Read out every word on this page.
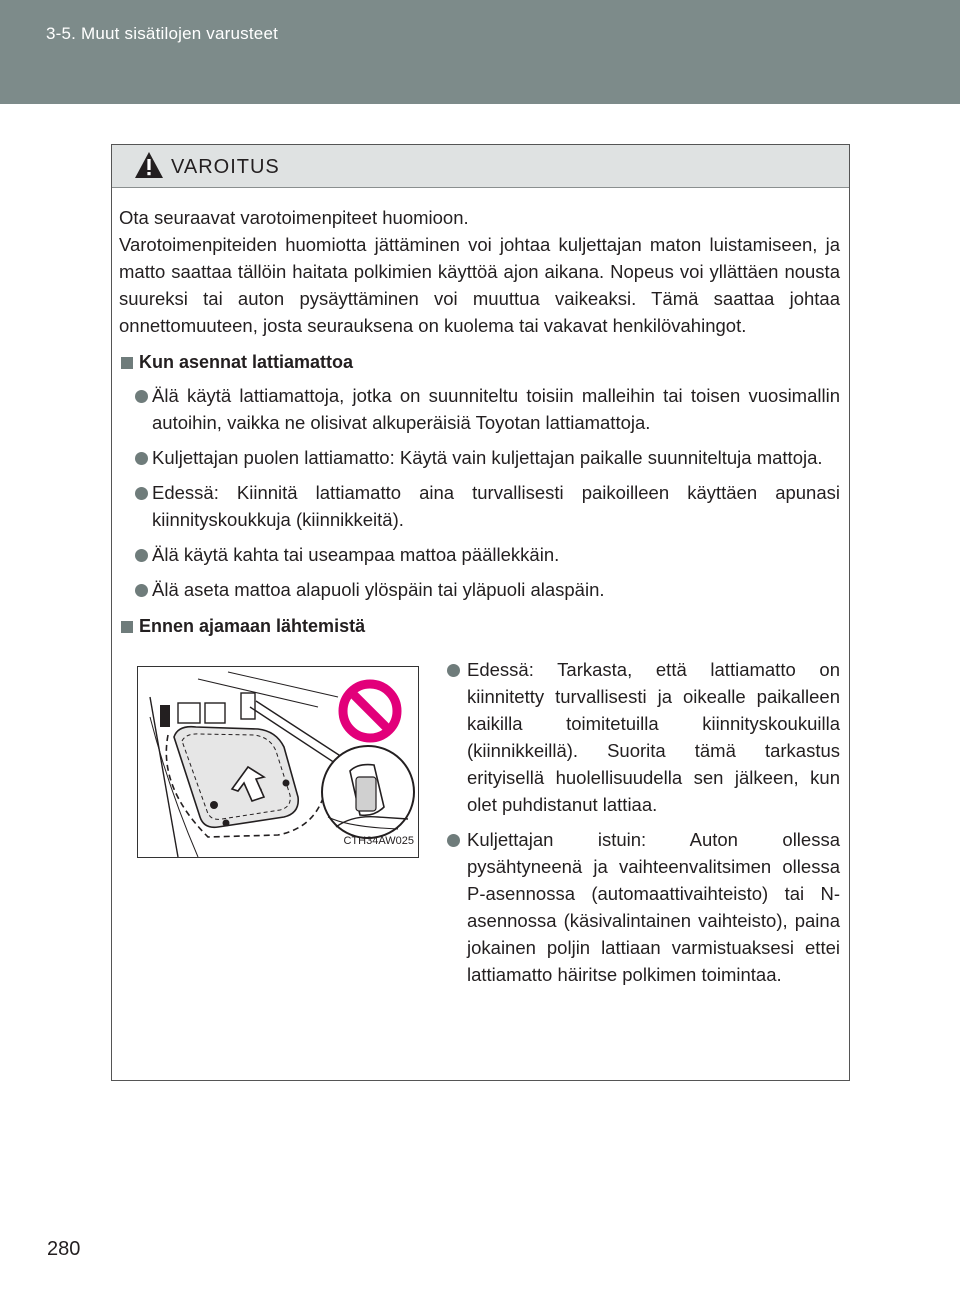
3-5. Muut sisätilojen varusteet
VAROITUS

Ota seuraavat varotoimenpiteet huomioon.

Varotoimenpiteiden huomiotta jättäminen voi johtaa kuljettajan maton luistamiseen, ja matto saattaa tällöin haitata polkimien käyttöä ajon aikana. Nopeus voi yllättäen nousta suureksi tai auton pysäyttäminen voi muuttua vaikeaksi. Tämä saattaa johtaa onnettomuuteen, josta seurauksena on kuolema tai vakavat henkilövahingot.

Kun asennat lattiamattoa
Älä käytä lattiamattoja, jotka on suunniteltu toisiin malleihin tai toisen vuosimallin autoihin, vaikka ne olisivat alkuperäisiä Toyotan lattiamattoja.
Kuljettajan puolen lattiamatto: Käytä vain kuljettajan paikalle suunniteltuja mattoja.
Edessä: Kiinnitä lattiamatto aina turvallisesti paikoilleen käyttäen apunasi kiinnityskoukkuja (kiinnikkeitä).
Älä käytä kahta tai useampaa mattoa päällekkäin.
Älä aseta mattoa alapuoli ylöspäin tai yläpuoli alaspäin.
Ennen ajamaan lähtemistä
CTH34AW025
Edessä: Tarkasta, että lattiamatto on kiinnitetty turvallisesti ja oikealle paikalleen kaikilla toimitetuilla kiinnityskoukuilla (kiinnikkeillä). Suorita tämä tarkastus erityisellä huolellisuudella sen jälkeen, kun olet puhdistanut lattiaa.
Kuljettajan istuin: Auton ollessa pysähtyneenä ja vaihteenvalitsimen ollessa P-asennossa (automaattivaihteisto) tai N-asennossa (käsivalintainen vaihteisto), paina jokainen poljin lattiaan varmistuaksesi ettei lattiamatto häiritse polkimen toimintaa.
280
